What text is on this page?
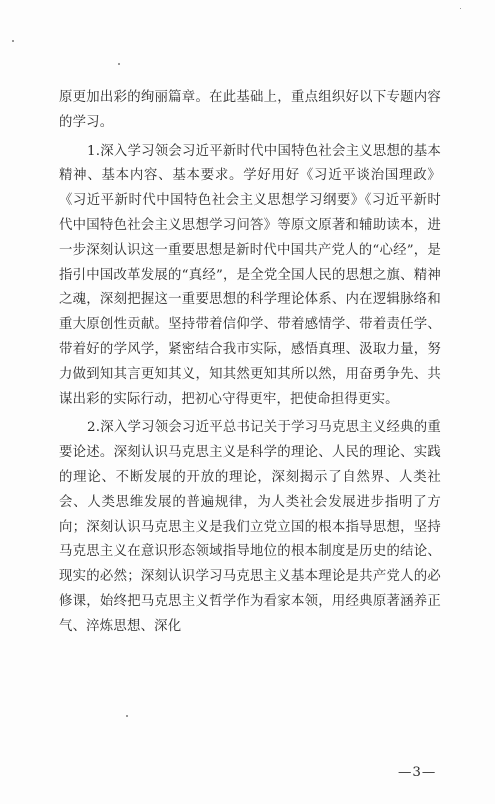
原更加出彩的绚丽篇章。在此基础上，重点组织好以下专题内容的学习。

1.深入学习领会习近平新时代中国特色社会主义思想的基本精神、基本内容、基本要求。学好用好《习近平谈治国理政》《习近平新时代中国特色社会主义思想学习纲要》《习近平新时代中国特色社会主义思想学习问答》等原文原著和辅助读本，进一步深刻认识这一重要思想是新时代中国共产党人的“心经”，是指引中国改革发展的“真经”，是全党全国人民的思想之旗、精神之魂，深刻把握这一重要思想的科学理论体系、内在逻辑脉络和重大原创性贡献。坚持带着信仰学、带着感情学、带着责任学、带着好的学风学，紧密结合我市实际，感悟真理、汲取力量，努力做到知其言更知其义，知其然更知其所以然，用奋勇争先、共谋出彩的实际行动，把初心守得更牢，把使命担得更实。

2.深入学习领会习近平总书记关于学习马克思主义经典的重要论述。深刻认识马克思主义是科学的理论、人民的理论、实践的理论、不断发展的开放的理论，深刻揭示了自然界、人类社会、人类思维发展的普遍规律，为人类社会发展进步指明了方向；深刻认识马克思主义是我们立党立国的根本指导思想，坚持马克思主义在意识形态领域指导地位的根本制度是历史的结论、现实的必然；深刻认识学习马克思主义基本理论是共产党人的必修课，始终把马克思主义哲学作为看家本领，用经典原著涵养正气、淬炼思想、深化

—3—
